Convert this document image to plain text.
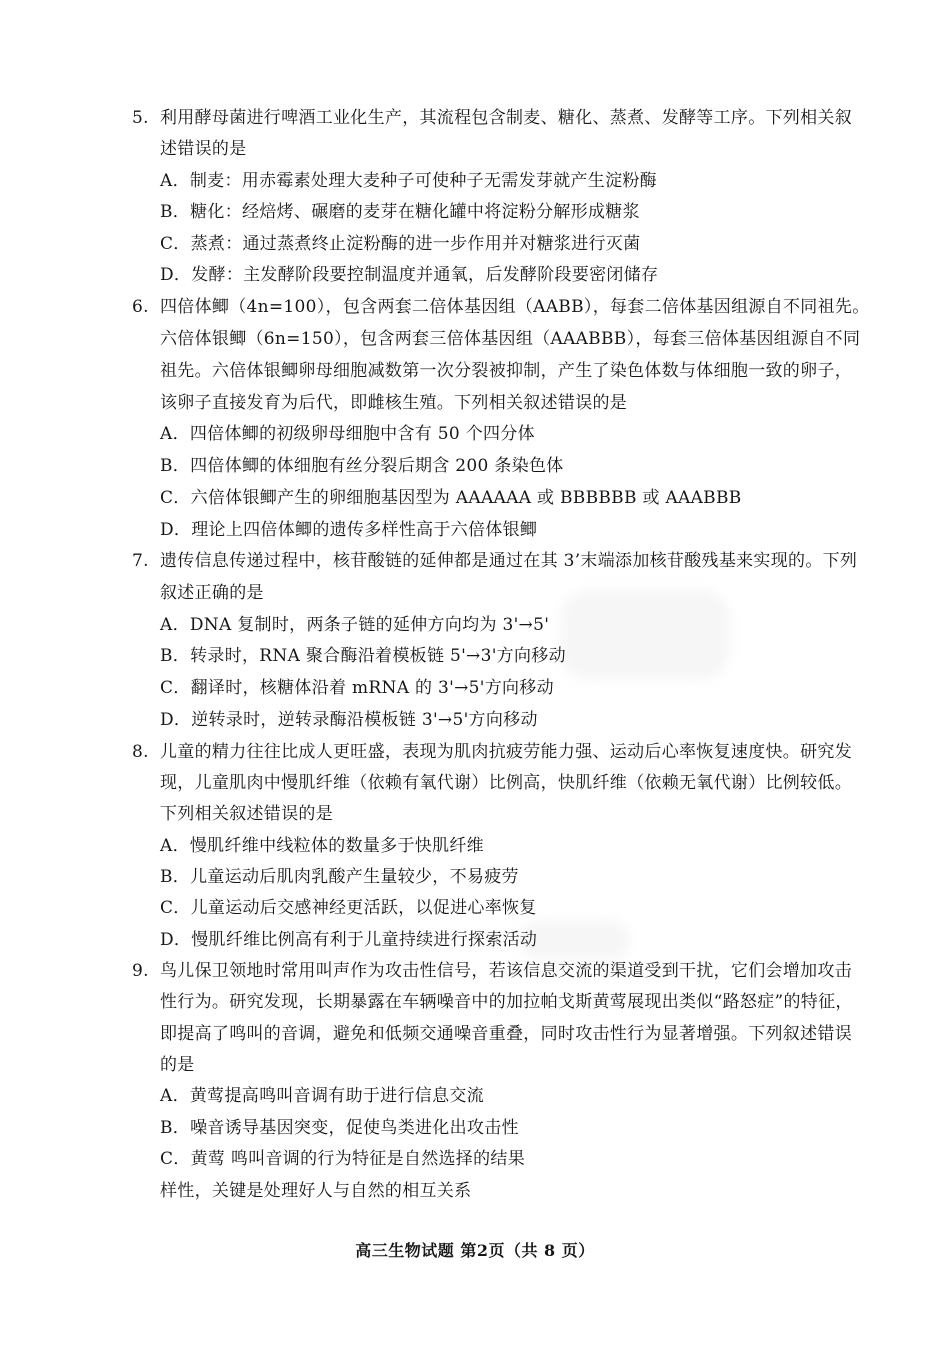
5. 利用酵母菌进行啤酒工业化生产，其流程包含制麦、糖化、蒸煮、发酵等工序。下列相关叙
述错误的是
A．制麦：用赤霉素处理大麦种子可使种子无需发芽就产生淀粉酶
B．糖化：经焙烤、碾磨的麦芽在糖化罐中将淀粉分解形成糖浆
C．蒸煮：通过蒸煮终止淀粉酶的进一步作用并对糖浆进行灭菌
D．发酵：主发酵阶段要控制温度并通氧，后发酵阶段要密闭储存
6. 四倍体鲫（4n=100），包含两套二倍体基因组（AABB），每套二倍体基因组源自不同祖先。
六倍体银鲫（6n=150），包含两套三倍体基因组（AAABBB），每套三倍体基因组源自不同
祖先。六倍体银鲫卵母细胞减数第一次分裂被抑制，产生了染色体数与体细胞一致的卵子，
该卵子直接发育为后代，即雌核生殖。下列相关叙述错误的是
A．四倍体鲫的初级卵母细胞中含有 50 个四分体
B．四倍体鲫的体细胞有丝分裂后期含 200 条染色体
C．六倍体银鲫产生的卵细胞基因型为 AAAAAA 或 BBBBBB 或 AAABBB
D．理论上四倍体鲫的遗传多样性高于六倍体银鲫
7. 遗传信息传递过程中，核苷酸链的延伸都是通过在其 3’末端添加核苷酸残基来实现的。下列
叙述正确的是
A．DNA 复制时，两条子链的延伸方向均为 3'→5'
B．转录时，RNA 聚合酶沿着模板链 5'→3'方向移动
C．翻译时，核糖体沿着 mRNA 的 3'→5'方向移动
D．逆转录时，逆转录酶沿模板链 3'→5'方向移动
8. 儿童的精力往往比成人更旺盛，表现为肌肉抗疲劳能力强、运动后心率恢复速度快。研究发
现，儿童肌肉中慢肌纤维（依赖有氧代谢）比例高，快肌纤维（依赖无氧代谢）比例较低。
下列相关叙述错误的是
A．慢肌纤维中线粒体的数量多于快肌纤维
B．儿童运动后肌肉乳酸产生量较少，不易疲劳
C．儿童运动后交感神经更活跃，以促进心率恢复
D．慢肌纤维比例高有利于儿童持续进行探索活动
9. 鸟儿保卫领地时常用叫声作为攻击性信号，若该信息交流的渠道受到干扰，它们会增加攻击
性行为。研究发现，长期暴露在车辆噪音中的加拉帕戈斯黄莺展现出类似“路怒症”的特征，
即提高了鸣叫的音调，避免和低频交通噪音重叠，同时攻击性行为显著增强。下列叙述错误
的是
A．黄莺提高鸣叫音调有助于进行信息交流
B．噪音诱导基因突变，促使鸟类进化出攻击性
C．黄莺 鸣叫音调的行为特征是自然选择的结果
样性，关键是处理好人与自然的相互关系
高三生物试题 第2页（共 8 页）
